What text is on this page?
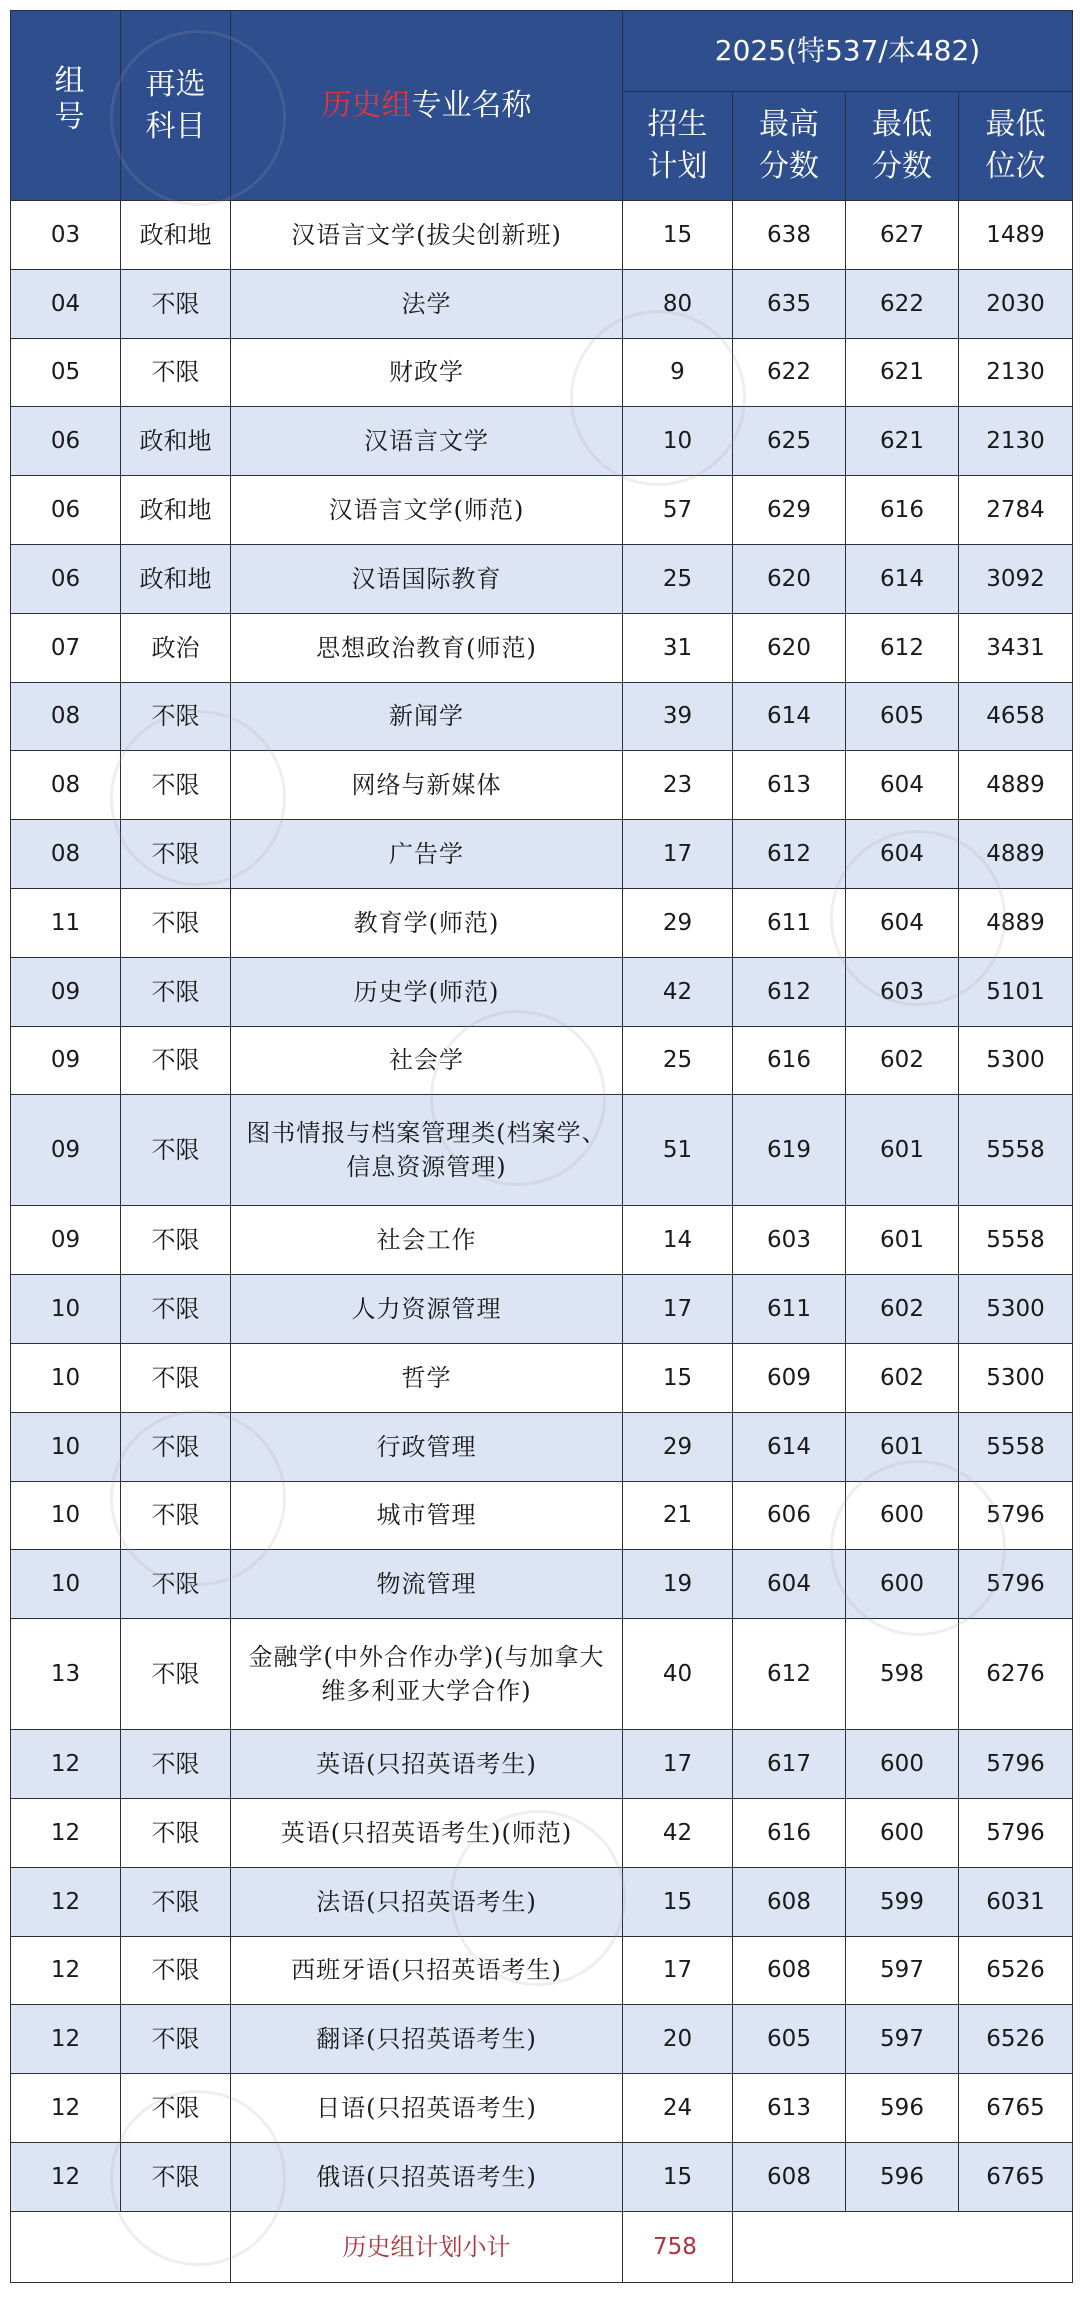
组号	再选科目	历史组专业名称	2025(特537/本482)			
			招生计划	最高分数	最低分数	最低位次
03	政和地	汉语言文学(拔尖创新班)	15	638	627	1489
04	不限	法学	80	635	622	2030
05	不限	财政学	9	622	621	2130
06	政和地	汉语言文学	10	625	621	2130
06	政和地	汉语言文学(师范)	57	629	616	2784
06	政和地	汉语国际教育	25	620	614	3092
07	政治	思想政治教育(师范)	31	620	612	3431
08	不限	新闻学	39	614	605	4658
08	不限	网络与新媒体	23	613	604	4889
08	不限	广告学	17	612	604	4889
11	不限	教育学(师范)	29	611	604	4889
09	不限	历史学(师范)	42	612	603	5101
09	不限	社会学	25	616	602	5300
09	不限	图书情报与档案管理类(档案学、信息资源管理)	51	619	601	5558
09	不限	社会工作	14	603	601	5558
10	不限	人力资源管理	17	611	602	5300
10	不限	哲学	15	609	602	5300
10	不限	行政管理	29	614	601	5558
10	不限	城市管理	21	606	600	5796
10	不限	物流管理	19	604	600	5796
13	不限	金融学(中外合作办学)(与加拿大维多利亚大学合作)	40	612	598	6276
12	不限	英语(只招英语考生)	17	617	600	5796
12	不限	英语(只招英语考生)(师范)	42	616	600	5796
12	不限	法语(只招英语考生)	15	608	599	6031
12	不限	西班牙语(只招英语考生)	17	608	597	6526
12	不限	翻译(只招英语考生)	20	605	597	6526
12	不限	日语(只招英语考生)	24	613	596	6765
12	不限	俄语(只招英语考生)	15	608	596	6765
		历史组计划小计	758			
